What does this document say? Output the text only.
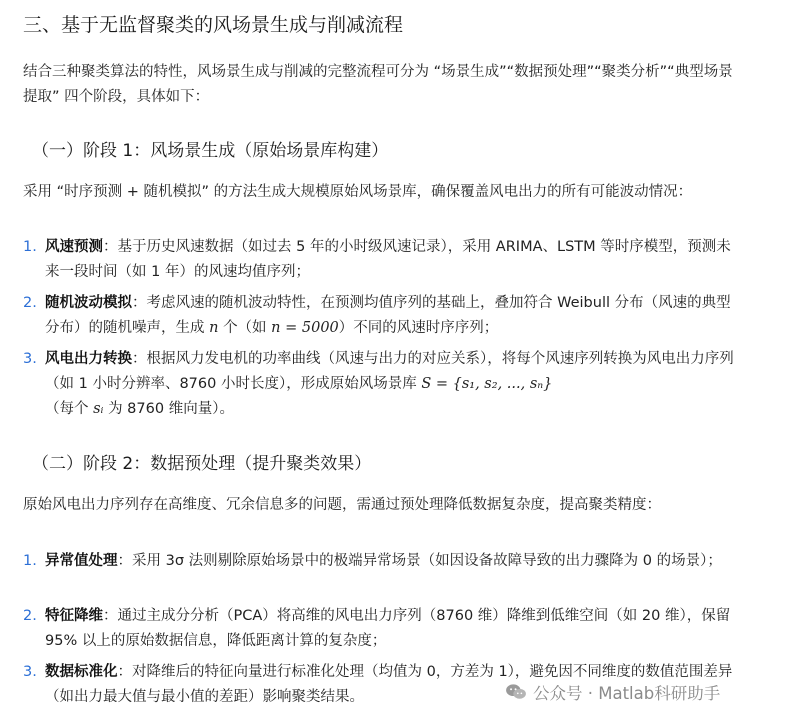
三、基于无监督聚类的风场景生成与削减流程
结合三种聚类算法的特性，风场景生成与削减的完整流程可分为 “场景生成”“数据预处理”“聚类分析”“典型场景提取” 四个阶段，具体如下：
（一）阶段 1：风场景生成（原始场景库构建）
采用 “时序预测 + 随机模拟” 的方法生成大规模原始风场景库，确保覆盖风电出力的所有可能波动情况：
1. 风速预测：基于历史风速数据（如过去 5 年的小时级风速记录），采用 ARIMA、LSTM 等时序模型，预测未来一段时间（如 1 年）的风速均值序列；
2. 随机波动模拟：考虑风速的随机波动特性，在预测均值序列的基础上，叠加符合 Weibull 分布（风速的典型分布）的随机噪声，生成 n 个（如 n = 5000）不同的风速时序序列；
3. 风电出力转换：根据风力发电机的功率曲线（风速与出力的对应关系），将每个风速序列转换为风电出力序列（如 1 小时分辨率、8760 小时长度），形成原始风场景库 S = {s₁, s₂, ..., sₙ}
（每个 sᵢ 为 8760 维向量）。
（二）阶段 2：数据预处理（提升聚类效果）
原始风电出力序列存在高维度、冗余信息多的问题，需通过预处理降低数据复杂度，提高聚类精度：
1. 异常值处理：采用 3σ 法则剔除原始场景中的极端异常场景（如因设备故障导致的出力骤降为 0 的场景）；
2. 特征降维：通过主成分分析（PCA）将高维的风电出力序列（8760 维）降维到低维空间（如 20 维），保留 95% 以上的原始数据信息，降低距离计算的复杂度；
3. 数据标准化：对降维后的特征向量进行标准化处理（均值为 0，方差为 1），避免因不同维度的数值范围差异（如出力最大值与最小值的差距）影响聚类结果。	公众号 · Matlab科研助手
